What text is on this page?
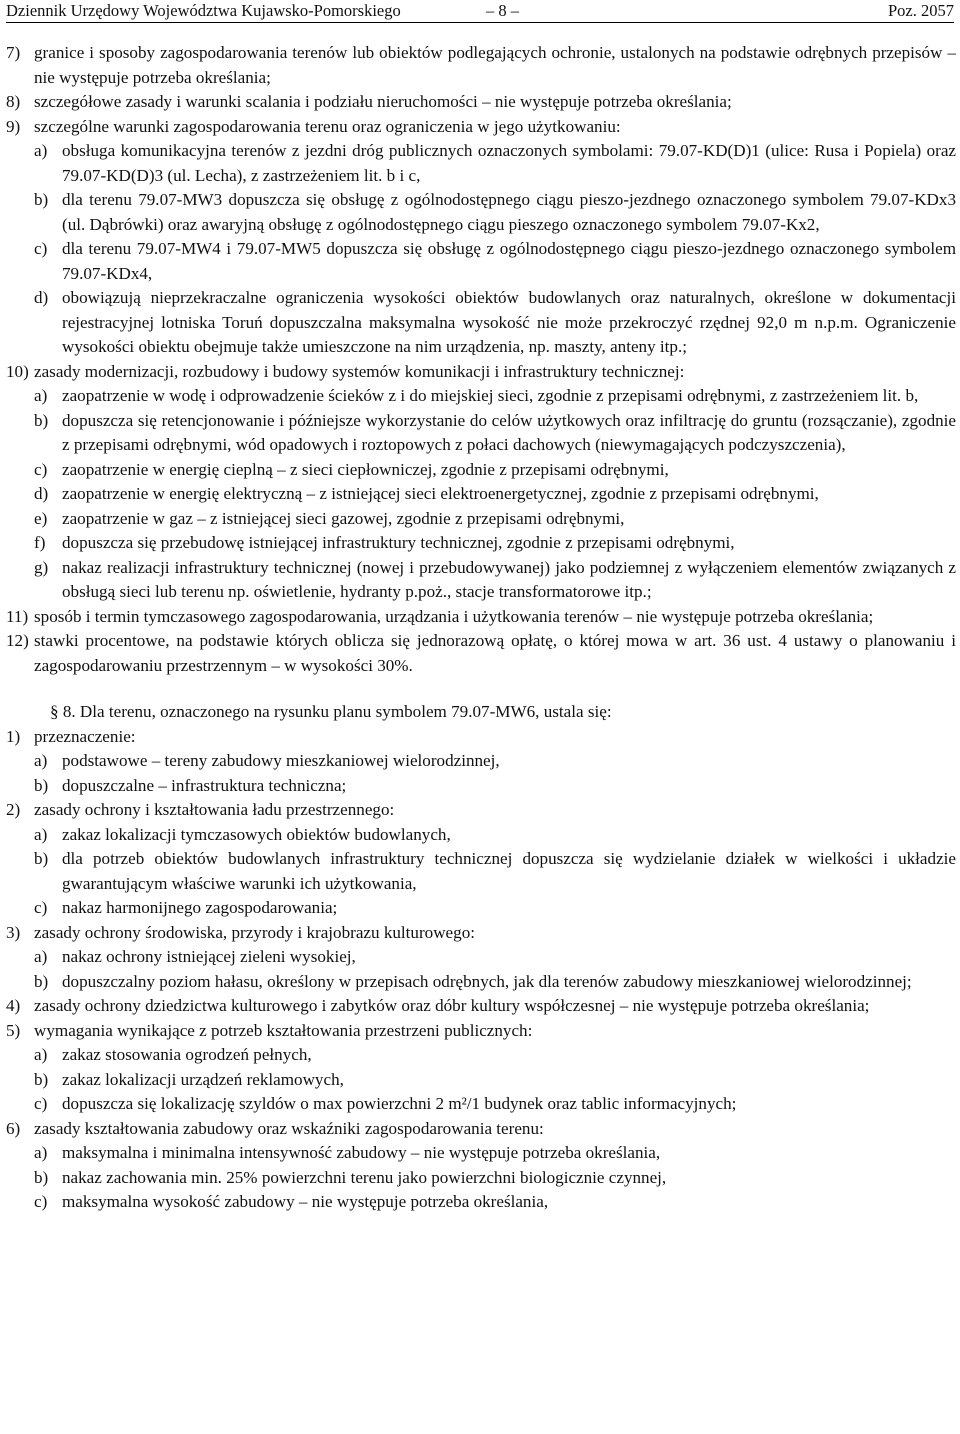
Dziennik Urzędowy Województwa Kujawsko-Pomorskiego	– 8 –	Poz. 2057
7) granice i sposoby zagospodarowania terenów lub obiektów podlegających ochronie, ustalonych na podstawie odrębnych przepisów – nie występuje potrzeba określania;
8) szczegółowe zasady i warunki scalania i podziału nieruchomości – nie występuje potrzeba określania;
9) szczególne warunki zagospodarowania terenu oraz ograniczenia w jego użytkowaniu:
a) obsługa komunikacyjna terenów z jezdni dróg publicznych oznaczonych symbolami: 79.07-KD(D)1 (ulice: Rusa i Popiela) oraz 79.07-KD(D)3 (ul. Lecha), z zastrzeżeniem lit. b i c,
b) dla terenu 79.07-MW3 dopuszcza się obsługę z ogólnodostępnego ciągu pieszo-jezdnego oznaczonego symbolem 79.07-KDx3 (ul. Dąbrówki) oraz awaryjną obsługę z ogólnodostępnego ciągu pieszego oznaczonego symbolem 79.07-Kx2,
c) dla terenu 79.07-MW4 i 79.07-MW5 dopuszcza się obsługę z ogólnodostępnego ciągu pieszo-jezdnego oznaczonego symbolem 79.07-KDx4,
d) obowiązują nieprzekraczalne ograniczenia wysokości obiektów budowlanych oraz naturalnych, określone w dokumentacji rejestracyjnej lotniska Toruń dopuszczalna maksymalna wysokość nie może przekroczyć rzędnej 92,0 m n.p.m. Ograniczenie wysokości obiektu obejmuje także umieszczone na nim urządzenia, np. maszty, anteny itp.;
10) zasady modernizacji, rozbudowy i budowy systemów komunikacji i infrastruktury technicznej:
a) zaopatrzenie w wodę i odprowadzenie ścieków z i do miejskiej sieci, zgodnie z przepisami odrębnymi, z zastrzeżeniem lit. b,
b) dopuszcza się retencjonowanie i późniejsze wykorzystanie do celów użytkowych oraz infiltrację do gruntu (rozsączanie), zgodnie z przepisami odrębnymi, wód opadowych i roztopowych z połaci dachowych (niewymagających podczyszczenia),
c) zaopatrzenie w energię cieplną – z sieci ciepłowniczej, zgodnie z przepisami odrębnymi,
d) zaopatrzenie w energię elektryczną – z istniejącej sieci elektroenergetycznej, zgodnie z przepisami odrębnymi,
e) zaopatrzenie w gaz – z istniejącej sieci gazowej, zgodnie z przepisami odrębnymi,
f) dopuszcza się przebudowę istniejącej infrastruktury technicznej, zgodnie z przepisami odrębnymi,
g) nakaz realizacji infrastruktury technicznej (nowej i przebudowywanej) jako podziemnej z wyłączeniem elementów związanych z obsługą sieci lub terenu np. oświetlenie, hydranty p.poż., stacje transformatorowe itp.;
11) sposób i termin tymczasowego zagospodarowania, urządzania i użytkowania terenów – nie występuje potrzeba określania;
12) stawki procentowe, na podstawie których oblicza się jednorazową opłatę, o której mowa w art. 36 ust. 4 ustawy o planowaniu i zagospodarowaniu przestrzennym – w wysokości 30%.
§ 8. Dla terenu, oznaczonego na rysunku planu symbolem 79.07-MW6, ustala się:
1) przeznaczenie:
a) podstawowe – tereny zabudowy mieszkaniowej wielorodzinnej,
b) dopuszczalne – infrastruktura techniczna;
2) zasady ochrony i kształtowania ładu przestrzennego:
a) zakaz lokalizacji tymczasowych obiektów budowlanych,
b) dla potrzeb obiektów budowlanych infrastruktury technicznej dopuszcza się wydzielanie działek w wielkości i układzie gwarantującym właściwe warunki ich użytkowania,
c) nakaz harmonijnego zagospodarowania;
3) zasady ochrony środowiska, przyrody i krajobrazu kulturowego:
a) nakaz ochrony istniejącej zieleni wysokiej,
b) dopuszczalny poziom hałasu, określony w przepisach odrębnych, jak dla terenów zabudowy mieszkaniowej wielorodzinnej;
4) zasady ochrony dziedzictwa kulturowego i zabytków oraz dóbr kultury współczesnej – nie występuje potrzeba określania;
5) wymagania wynikające z potrzeb kształtowania przestrzeni publicznych:
a) zakaz stosowania ogrodzeń pełnych,
b) zakaz lokalizacji urządzeń reklamowych,
c) dopuszcza się lokalizację szyldów o max powierzchni 2 m²/1 budynek oraz tablic informacyjnych;
6) zasady kształtowania zabudowy oraz wskaźniki zagospodarowania terenu:
a) maksymalna i minimalna intensywność zabudowy – nie występuje potrzeba określania,
b) nakaz zachowania min. 25% powierzchni terenu jako powierzchni biologicznie czynnej,
c) maksymalna wysokość zabudowy – nie występuje potrzeba określania,
